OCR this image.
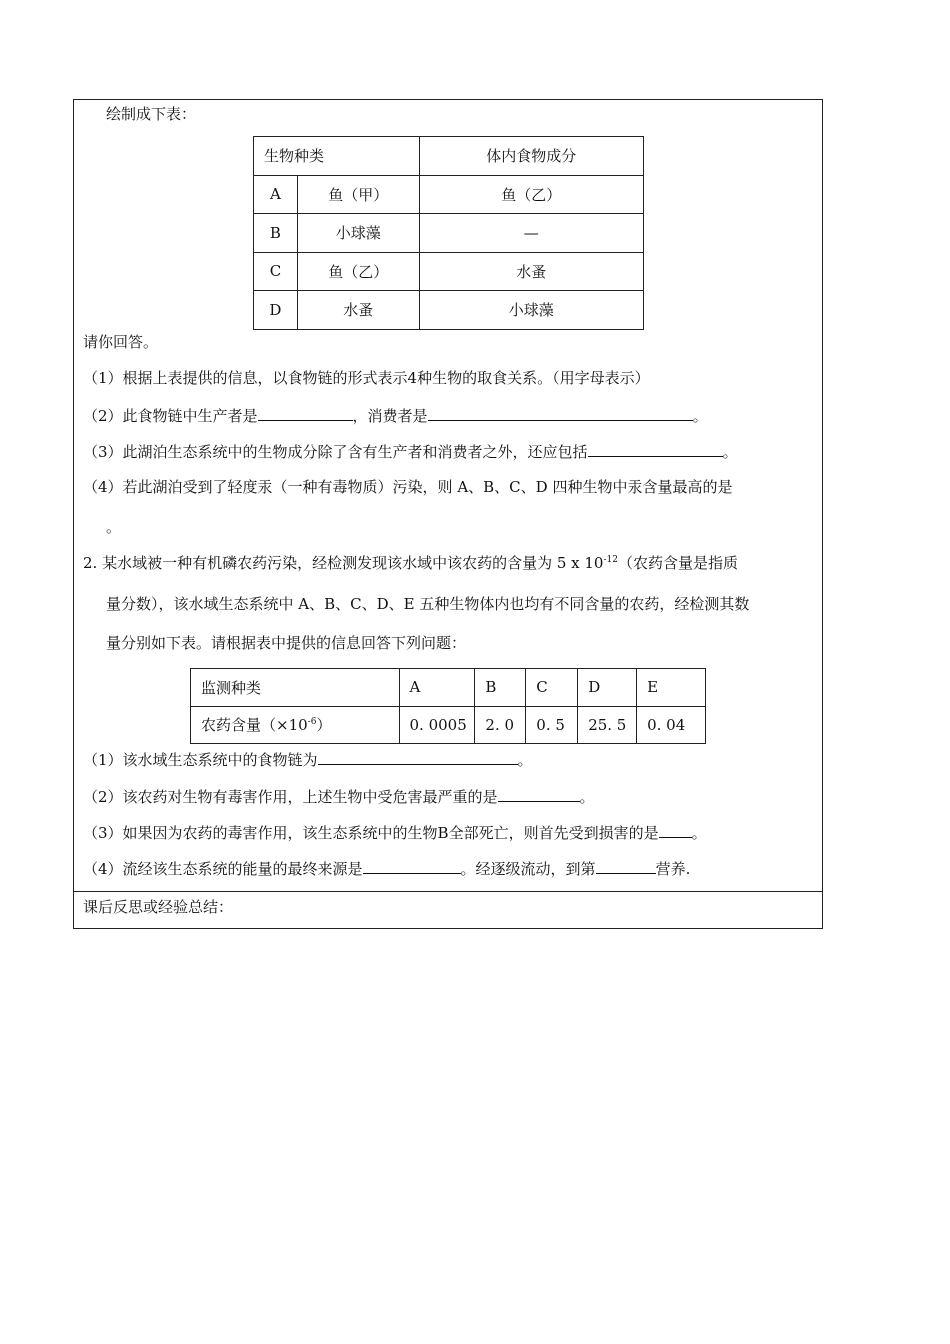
绘制成下表：
生物种类		体内食物成分
A	鱼（甲）	鱼（乙）
B	小球藻	—
C	鱼（乙）	水蚤
D	水蚤	小球藻
请你回答。
（1）根据上表提供的信息，以食物链的形式表示4种生物的取食关系。（用字母表示）
（2）此食物链中生产者是	，消费者是	。
（3）此湖泊生态系统中的生物成分除了含有生产者和消费者之外，还应包括	。
（4）若此湖泊受到了轻度汞（一种有毒物质）污染，则 A、B、C、D 四种生物中汞含量最高的是
。
2. 某水域被一种有机磷农药污染，经检测发现该水域中该农药的含量为 5 x $10^{-12}$（农药含量是指质
量分数），该水域生态系统中 A、B、C、D、E 五种生物体内也均有不同含量的农药，经检测其数
量分别如下表。请根据表中提供的信息回答下列问题：
监测种类	A	B	C	D	E
农药含量$(\times 10^{-6})$	0. 0005	2. 0	0. 5	25. 5	0. 04
（1）该水域生态系统中的食物链为	。
（2）该农药对生物有毒害作用，上述生物中受危害最严重的是	。
（3）如果因为农药的毒害作用，该生态系统中的生物B全部死亡，则首先受到损害的是 。
（4）流经该生态系统的能量的最终来源是	。经逐级流动，到第	营养.
课后反思或经验总结：
